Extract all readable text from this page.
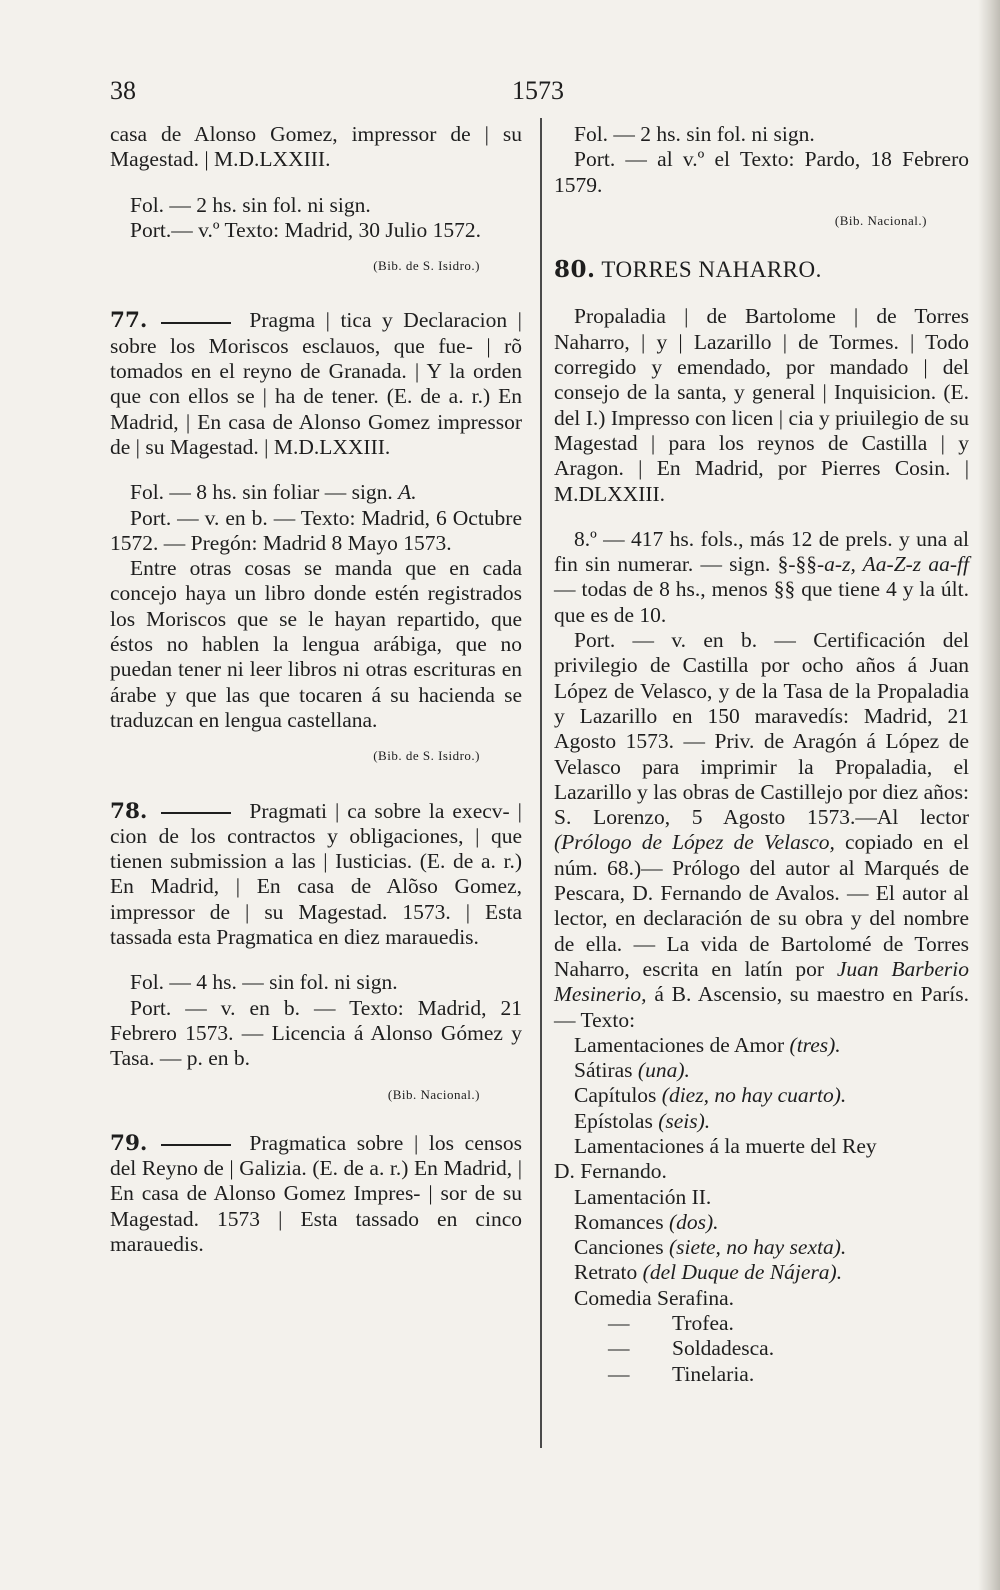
38	1573

casa de Alonso Gomez, impressor de | su Magestad. | M.D.LXXIII.

Fol. — 2 hs. sin fol. ni sign.

Port.— v.º Texto: Madrid, 30 Julio 1572.

(Bib. de S. Isidro.)

77.	Pragma | tica y Declaracion | sobre los Moriscos esclauos, que fue- | rõ tomados en el reyno de Granada. | Y la orden que con ellos se | ha de tener. (E. de a. r.) En Madrid, | En casa de Alonso Gomez impressor de | su Magestad. | M.D.LXXIII.

Fol. — 8 hs. sin foliar — sign. A.

Port. — v. en b. — Texto: Madrid, 6 Octubre 1572. — Pregón: Madrid 8 Mayo 1573.

Entre otras cosas se manda que en cada concejo haya un libro donde estén registrados los Moriscos que se le hayan repartido, que éstos no hablen la lengua arábiga, que no puedan tener ni leer libros ni otras escrituras en árabe y que las que tocaren á su hacienda se traduzcan en lengua castellana.

(Bib. de S. Isidro.)

78.	Pragmati | ca sobre la execv- | cion de los contractos y obligaciones, | que tienen submission a las | Iusticias. (E. de a. r.) En Madrid, | En casa de Alõso Gomez, impressor de | su Magestad. 1573. | Esta tassada esta Pragmatica en diez marauedis.

Fol. — 4 hs. — sin fol. ni sign.

Port. — v. en b. — Texto: Madrid, 21 Febrero 1573. — Licencia á Alonso Gómez y Tasa. — p. en b.

(Bib. Nacional.)

79.	Pragmatica sobre | los censos del Reyno de | Galizia. (E. de a. r.) En Madrid, | En casa de Alonso Gomez Impres- | sor de su Magestad. 1573 | Esta tassado en cinco marauedis.

Fol. — 2 hs. sin fol. ni sign.

Port. — al v.º el Texto: Pardo, 18 Febrero 1579.

(Bib. Nacional.)

80. TORRES NAHARRO.

Propaladia | de Bartolome | de Torres Naharro, | y | Lazarillo | de Tormes. | Todo corregido y emendado, por mandado | del consejo de la santa, y general | Inquisicion. (E. del I.) Impresso con licen | cia y priuilegio de su Magestad | para los reynos de Castilla | y Aragon. | En Madrid, por Pierres Cosin. | M.DLXXIII.

8.º — 417 hs. fols., más 12 de prels. y una al fin sin numerar. — sign. §-§§-a-z, Aa-Z-z aa-ff — todas de 8 hs., menos §§ que tiene 4 y la últ. que es de 10.

Port. — v. en b. — Certificación del privilegio de Castilla por ocho años á Juan López de Velasco, y de la Tasa de la Propaladia y Lazarillo en 150 maravedís: Madrid, 21 Agosto 1573. — Priv. de Aragón á López de Velasco para imprimir la Propaladia, el Lazarillo y las obras de Castillejo por diez años: S. Lorenzo, 5 Agosto 1573.—Al lector (Prólogo de López de Velasco, copiado en el núm. 68.)— Prólogo del autor al Marqués de Pescara, D. Fernando de Avalos. — El autor al lector, en declaración de su obra y del nombre de ella. — La vida de Bartolomé de Torres Naharro, escrita en latín por Juan Barberio Mesinerio, á B. Ascensio, su maestro en París. — Texto:

Lamentaciones de Amor (tres).
Sátiras (una).
Capítulos (diez, no hay cuarto).
Epístolas (seis).
Lamentaciones á la muerte del Rey
D. Fernando.
Lamentación II.
Romances (dos).
Canciones (siete, no hay sexta).
Retrato (del Duque de Nájera).
Comedia Serafina.
— Trofea.
— Soldadesca.
— Tinelaria.
